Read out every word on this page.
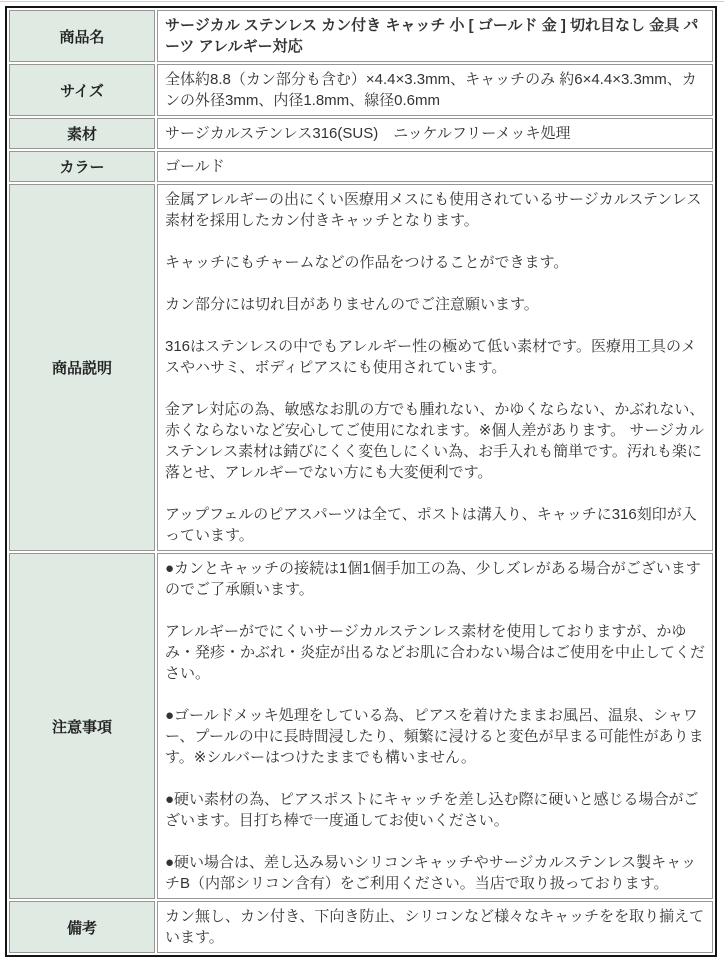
商品名	サージカル ステンレス カン付き キャッチ 小 [ ゴールド 金 ] 切れ目なし 金具 パーツ アレルギー対応
サイズ	全体約8.8（カン部分も含む）×4.4×3.3mm、キャッチのみ 約6×4.4×3.3mm、カンの外径3mm、内径1.8mm、線径0.6mm
素材	サージカルステンレス316(SUS)　ニッケルフリーメッキ処理
カラー	ゴールド
商品説明	
金属アレルギーの出にくい医療用メスにも使用されているサージカルステンレス素材を採用したカン付きキャッチとなります。
キャッチにもチャームなどの作品をつけることができます。
カン部分には切れ目がありませんのでご注意願います。
316はステンレスの中でもアレルギー性の極めて低い素材です。医療用工具のメスやハサミ、ボディピアスにも使用されています。
金アレ対応の為、敏感なお肌の方でも腫れない、かゆくならない、かぶれない、赤くならないなど安心してご使用になれます。※個人差があります。 サージカルステンレス素材は錆びにくく変色しにくい為、お手入れも簡単です。汚れも楽に落とせ、アレルギーでない方にも大変便利です。
アップフェルのピアスパーツは全て、ポストは溝入り、キャッチに316刻印が入っています。

注意事項	●カンとキャッチの接続は1個1個手加工の為、少しズレがある場合がございますのでご了承願います。
アレルギーがでにくいサージカルステンレス素材を使用しておりますが、かゆみ・発疹・かぶれ・炎症が出るなどお肌に合わない場合はご使用を中止してください。
●ゴールドメッキ処理をしている為、ピアスを着けたままお風呂、温泉、シャワー、プールの中に長時間浸したり、頻繁に浸けると変色が早まる可能性があります。※シルバーはつけたままでも構いません。
●硬い素材の為、ピアスポストにキャッチを差し込む際に硬いと感じる場合がございます。目打ち棒で一度通してお使いください。
●硬い場合は、差し込み易いシリコンキャッチやサージカルステンレス製キャッチB（内部シリコン含有）をご利用ください。当店で取り扱っております。

備考	カン無し、カン付き、下向き防止、シリコンなど様々なキャッチをを取り揃えています。
